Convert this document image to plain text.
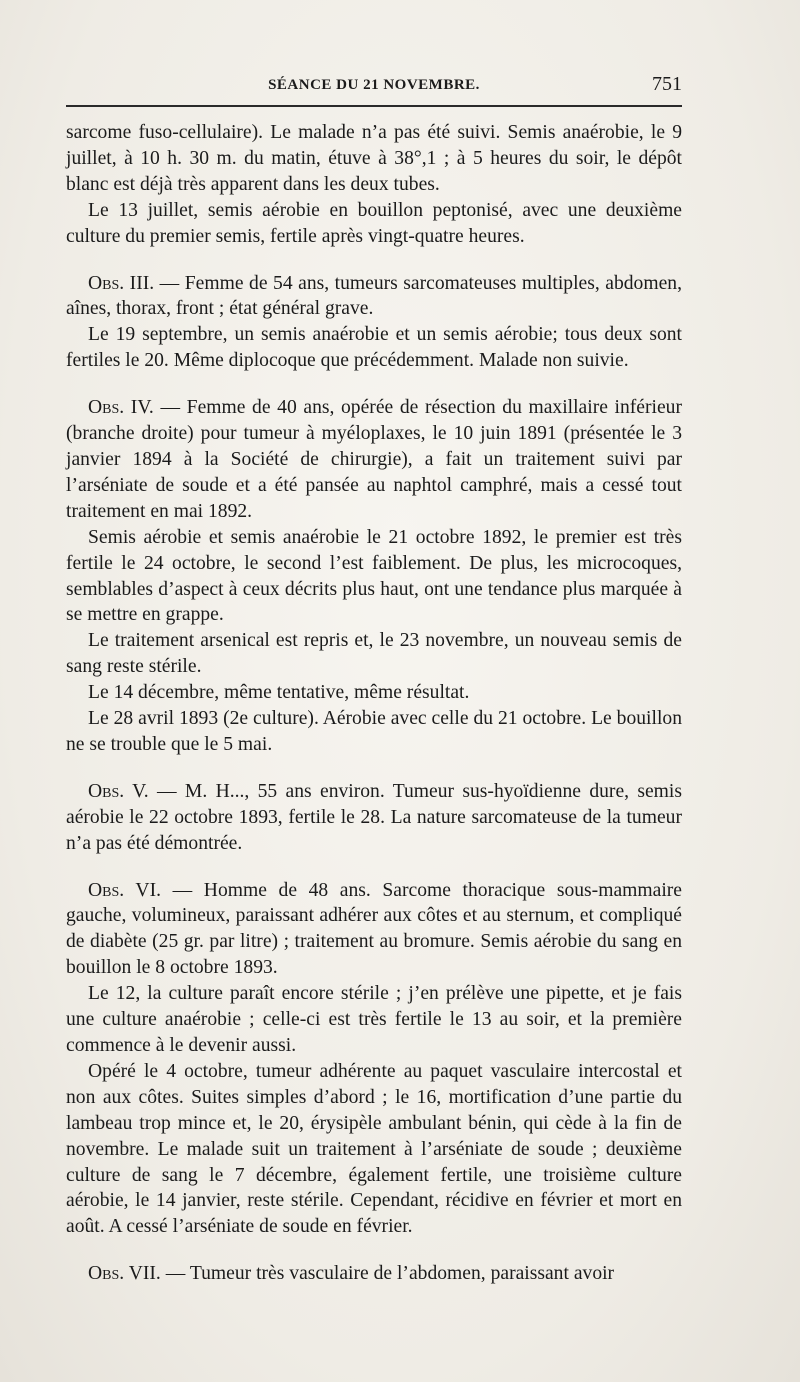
SÉANCE DU 21 NOVEMBRE.	751

sarcome fuso-cellulaire). Le malade n’a pas été suivi. Semis anaérobie, le 9 juillet, à 10 h. 30 m. du matin, étuve à 38°,1 ; à 5 heures du soir, le dépôt blanc est déjà très apparent dans les deux tubes.

Le 13 juillet, semis aérobie en bouillon peptonisé, avec une deuxième culture du premier semis, fertile après vingt-quatre heures.

Obs. III. — Femme de 54 ans, tumeurs sarcomateuses multiples, abdomen, aînes, thorax, front ; état général grave.

Le 19 septembre, un semis anaérobie et un semis aérobie; tous deux sont fertiles le 20. Même diplocoque que précédemment. Malade non suivie.

Obs. IV. — Femme de 40 ans, opérée de résection du maxillaire inférieur (branche droite) pour tumeur à myéloplaxes, le 10 juin 1891 (présentée le 3 janvier 1894 à la Société de chirurgie), a fait un traitement suivi par l’arséniate de soude et a été pansée au naphtol camphré, mais a cessé tout traitement en mai 1892.

Semis aérobie et semis anaérobie le 21 octobre 1892, le premier est très fertile le 24 octobre, le second l’est faiblement. De plus, les microcoques, semblables d’aspect à ceux décrits plus haut, ont une tendance plus marquée à se mettre en grappe.

Le traitement arsenical est repris et, le 23 novembre, un nouveau semis de sang reste stérile.

Le 14 décembre, même tentative, même résultat.

Le 28 avril 1893 (2e culture). Aérobie avec celle du 21 octobre. Le bouillon ne se trouble que le 5 mai.

Obs. V. — M. H..., 55 ans environ. Tumeur sus-hyoïdienne dure, semis aérobie le 22 octobre 1893, fertile le 28. La nature sarcomateuse de la tumeur n’a pas été démontrée.

Obs. VI. — Homme de 48 ans. Sarcome thoracique sous-mammaire gauche, volumineux, paraissant adhérer aux côtes et au sternum, et compliqué de diabète (25 gr. par litre) ; traitement au bromure. Semis aérobie du sang en bouillon le 8 octobre 1893.

Le 12, la culture paraît encore stérile ; j’en prélève une pipette, et je fais une culture anaérobie ; celle-ci est très fertile le 13 au soir, et la première commence à le devenir aussi.

Opéré le 4 octobre, tumeur adhérente au paquet vasculaire intercostal et non aux côtes. Suites simples d’abord ; le 16, mortification d’une partie du lambeau trop mince et, le 20, érysipèle ambulant bénin, qui cède à la fin de novembre. Le malade suit un traitement à l’arséniate de soude ; deuxième culture de sang le 7 décembre, également fertile, une troisième culture aérobie, le 14 janvier, reste stérile. Cependant, récidive en février et mort en août. A cessé l’arséniate de soude en février.

Obs. VII. — Tumeur très vasculaire de l’abdomen, paraissant avoir
